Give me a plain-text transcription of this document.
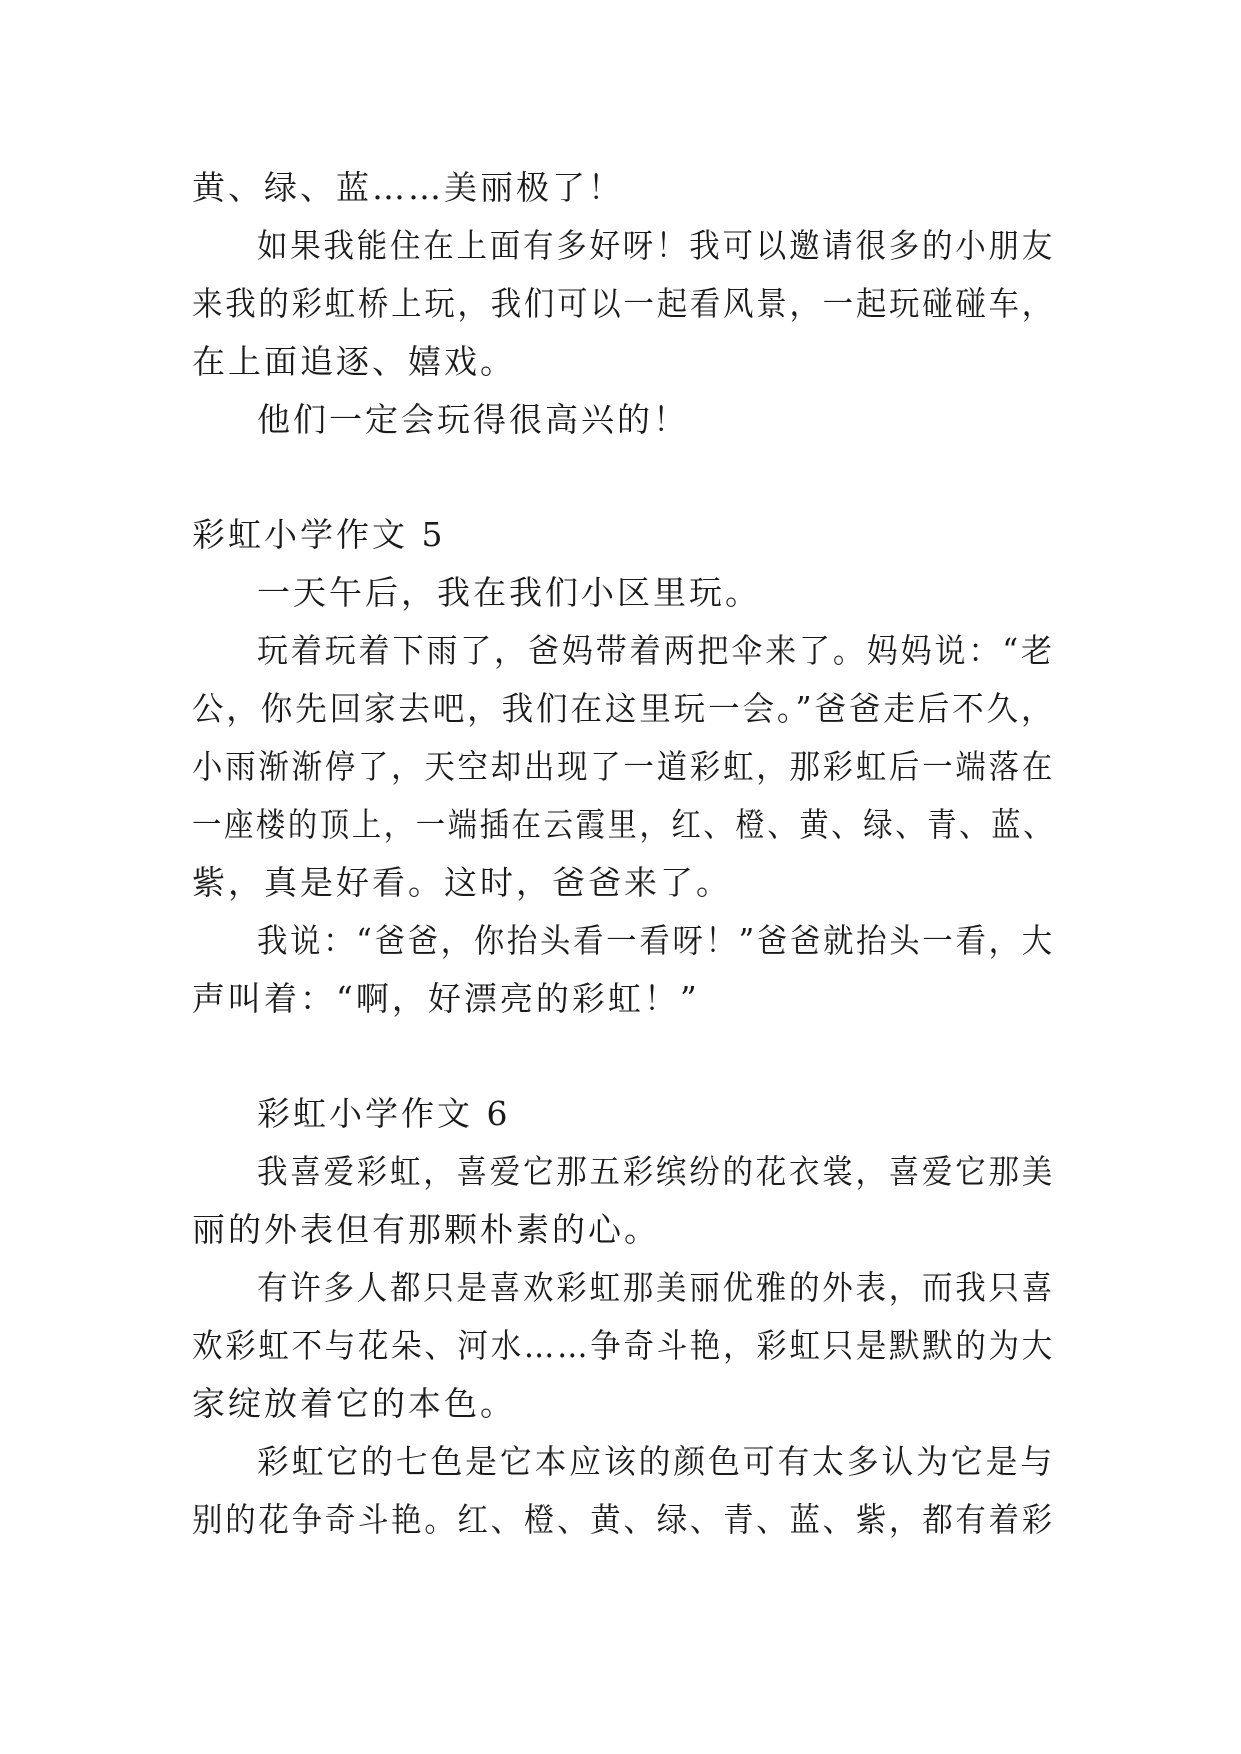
黄、绿、蓝……美丽极了！
如果我能住在上面有多好呀！我可以邀请很多的小朋友
来我的彩虹桥上玩，我们可以一起看风景，一起玩碰碰车，
在上面追逐、嬉戏。
他们一定会玩得很高兴的！
彩虹小学作文 5
一天午后，我在我们小区里玩。
玩着玩着下雨了，爸妈带着两把伞来了。妈妈说：“老
公，你先回家去吧，我们在这里玩一会。”爸爸走后不久，
小雨渐渐停了，天空却出现了一道彩虹，那彩虹后一端落在
一座楼的顶上，一端插在云霞里，红、橙、黄、绿、青、蓝、
紫，真是好看。这时，爸爸来了。
我说：“爸爸，你抬头看一看呀！”爸爸就抬头一看，大
声叫着：“啊，好漂亮的彩虹！”
彩虹小学作文 6
我喜爱彩虹，喜爱它那五彩缤纷的花衣裳，喜爱它那美
丽的外表但有那颗朴素的心。
有许多人都只是喜欢彩虹那美丽优雅的外表，而我只喜
欢彩虹不与花朵、河水……争奇斗艳，彩虹只是默默的为大
家绽放着它的本色。
彩虹它的七色是它本应该的颜色可有太多认为它是与
别的花争奇斗艳。红、橙、黄、绿、青、蓝、紫，都有着彩
